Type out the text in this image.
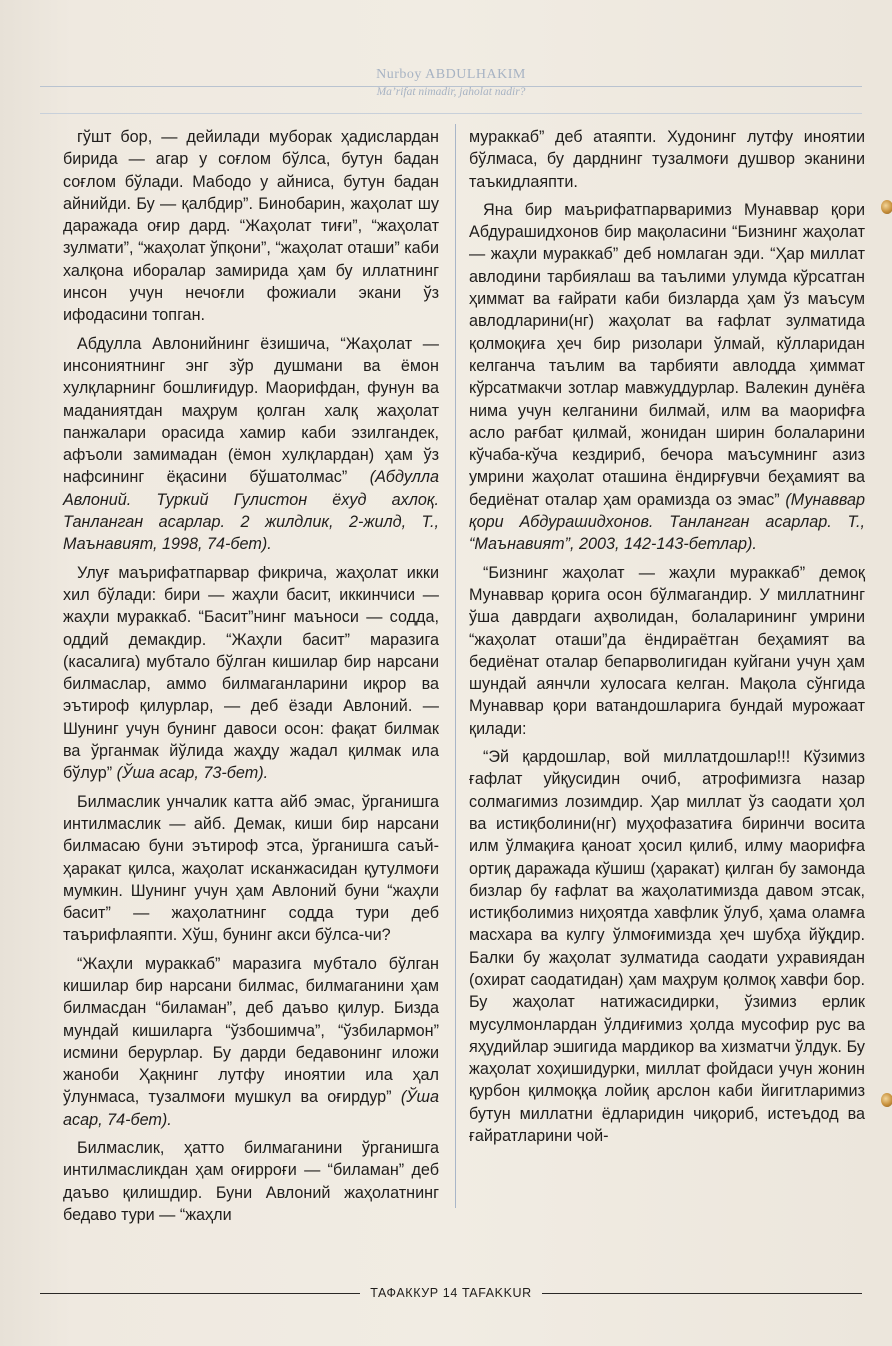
Nurboy ABDULHAKIM
Ma’rifat nimadir, jaholat nadir?

гўшт бор, — дейилади муборак ҳадислардан бирида — агар у соғлом бўлса, бутун бадан соғлом бўлади. Мабодо у айниса, бутун бадан айнийди. Бу — қалбдир”. Бинобарин, жаҳолат шу даражада оғир дард. “Жаҳолат тиғи”, “жаҳолат зулмати”, “жаҳолат ўпқони”, “жаҳолат оташи” каби халқона иборалар замирида ҳам бу иллатнинг инсон учун нечоғли фожиали экани ўз ифодасини топган.

Абдулла Авлонийнинг ёзишича, “Жаҳолат — инсониятнинг энг зўр душмани ва ёмон хулқларнинг бошлиғидур. Маорифдан, фунун ва маданиятдан маҳрум қолган халқ жаҳолат панжалари орасида хамир каби эзилгандек, афъоли замимадан (ёмон хулқлардан) ҳам ўз нафсининг ёқасини бўшатолмас” (Абдулла Авлоний. Туркий Гулистон ёхуд ахлоқ. Танланган асарлар. 2 жилдлик, 2-жилд, Т., Маънавият, 1998, 74-бет).

Улуғ маърифатпарвар фикрича, жаҳолат икки хил бўлади: бири — жаҳли басит, иккинчиси — жаҳли мураккаб. “Басит”нинг маъноси — содда, оддий демакдир. “Жаҳли басит” маразига (касалига) мубтало бўлган кишилар бир нарсани билмаслар, аммо билмаганларини иқрор ва эътироф қилурлар, — деб ёзади Авлоний. — Шунинг учун бунинг давоси осон: фақат билмак ва ўрганмак йўлида жаҳду жадал қилмак ила бўлур” (Ўша асар, 73-бет).

Билмаслик унчалик катта айб эмас, ўрганишга интилмаслик — айб. Демак, киши бир нарсани билмасаю буни эътироф этса, ўрганишга саъй-ҳаракат қилса, жаҳолат исканжасидан қутулмоғи мумкин. Шунинг учун ҳам Авлоний буни “жаҳли басит” — жаҳолатнинг содда тури деб таърифлаяпти. Хўш, бунинг акси бўлса-чи?

“Жаҳли мураккаб” маразига мубтало бўлган кишилар бир нарсани билмас, билмаганини ҳам билмасдан “биламан”, деб даъво қилур. Бизда мундай кишиларга “ўзбошимча”, “ўзбилармон” исмини берурлар. Бу дарди бедавонинг иложи жаноби Ҳақнинг лутфу иноятии ила ҳал ўлунмаса, тузалмоғи мушкул ва оғирдур” (Ўша асар, 74-бет).

Билмаслик, ҳатто билмаганини ўрганишга интилмасликдан ҳам оғирроғи — “биламан” деб даъво қилишдир. Буни Авлоний жаҳолатнинг бедаво тури — “жаҳли

мураккаб” деб атаяпти. Худонинг лутфу иноятии бўлмаса, бу дарднинг тузалмоғи душвор эканини таъкидлаяпти.

Яна бир маърифатпарваримиз Мунаввар қори Абдурашидхонов бир мақоласини “Бизнинг жаҳолат — жаҳли мураккаб” деб номлаган эди. “Ҳар миллат авлодини тарбиялаш ва таълими улумда кўрсатган ҳиммат ва ғайрати каби бизларда ҳам ўз маъсум авлодларини(нг) жаҳолат ва ғафлат зулматида қолмоқиға ҳеч бир ризолари ўлмай, кўлларидан келганча таълим ва тарбияти авлодда ҳиммат кўрсатмакчи зотлар мавжуддурлар. Валекин дунёға нима учун келганини билмай, илм ва маорифға асло рағбат қилмай, жонидан ширин болаларини кўчаба-кўча кездириб, бечора маъсумнинг азиз умрини жаҳолат оташина ёндирғувчи беҳамият ва бедиёнат оталар ҳам орамизда оз эмас” (Мунаввар қори Абдурашидхонов. Танланган асарлар. Т., “Маънавият”, 2003, 142-143-бетлар).

“Бизнинг жаҳолат — жаҳли мураккаб” демоқ Мунаввар қорига осон бўлмагандир. У миллатнинг ўша даврдаги аҳволидан, болаларининг умрини “жаҳолат оташи”да ёндираётган беҳамият ва бедиёнат оталар бепарволигидан куйгани учун ҳам шундай аянчли хулосага келган. Мақола сўнгида Мунаввар қори ватандошларига бундай мурожаат қилади:

“Эй қардошлар, вой миллатдошлар!!! Кўзимиз ғафлат уйқусидин очиб, атрофимизга назар солмагимиз лозимдир. Ҳар миллат ўз саодати ҳол ва истиқболини(нг) муҳофазатиға биринчи восита илм ўлмақиға қаноат ҳосил қилиб, илму маорифға ортиқ даражада кўшиш (ҳаракат) қилган бу замонда бизлар бу ғафлат ва жаҳолатимизда давом этсак, истиқболимиз ниҳоятда хавфлик ўлуб, ҳама оламға масхара ва кулгу ўлмоғимизда ҳеч шубҳа йўқдир. Балки бу жаҳолат зулматида саодати ухравиядан (охират саодатидан) ҳам маҳрум қолмоқ хавфи бор. Бу жаҳолат натижасидирки, ўзимиз ерлик мусулмонлардан ўлдиғимиз ҳолда мусофир рус ва яҳудийлар эшигида мардикор ва хизматчи ўлдук. Бу жаҳолат хоҳишидурки, миллат фойдаси учун жонин қурбон қилмоққа лойиқ арслон каби йигитларимиз бутун миллатни ёдларидин чиқориб, истеъдод ва ғайратларини чой-

ТАФАККУР 14 TAFAKKUR
